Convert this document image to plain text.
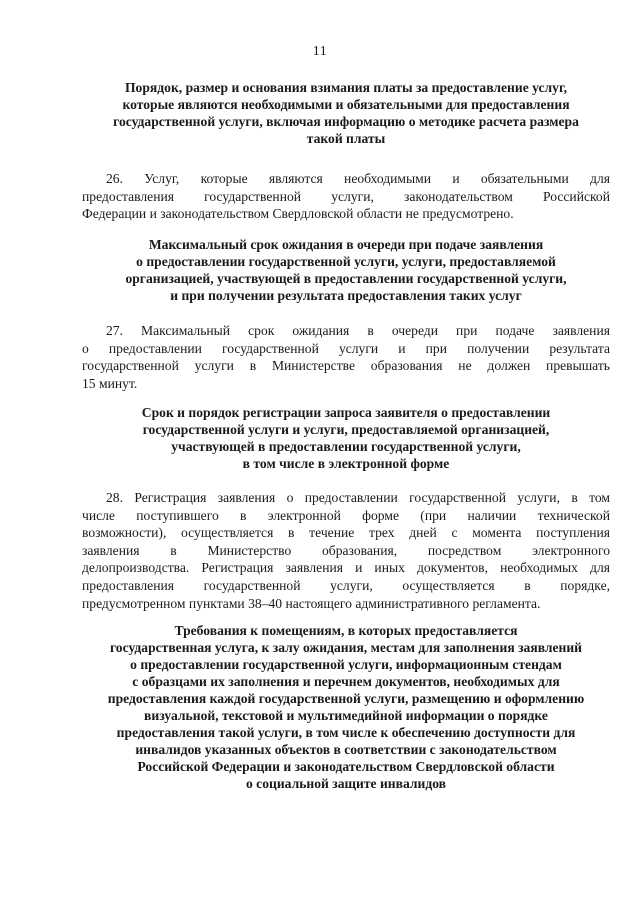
11
Порядок, размер и основания взимания платы за предоставление услуг,
которые являются необходимыми и обязательными для предоставления
государственной услуги, включая информацию о методике расчета размера
такой платы
26. Услуг, которые являются необходимыми и обязательными для
предоставления государственной услуги, законодательством Российской
Федерации и законодательством Свердловской области не предусмотрено.
Максимальный срок ожидания в очереди при подаче заявления
о предоставлении государственной услуги, услуги, предоставляемой
организацией, участвующей в предоставлении государственной услуги,
и при получении результата предоставления таких услуг
27. Максимальный срок ожидания в очереди при подаче заявления
о предоставлении государственной услуги и при получении результата
государственной услуги в Министерстве образования не должен превышать
15 минут.
Срок и порядок регистрации запроса заявителя о предоставлении
государственной услуги и услуги, предоставляемой организацией,
участвующей в предоставлении государственной услуги,
в том числе в электронной форме
28. Регистрация заявления о предоставлении государственной услуги, в том
числе поступившего в электронной форме (при наличии технической
возможности), осуществляется в течение трех дней с момента поступления
заявления в Министерство образования, посредством электронного
делопроизводства. Регистрация заявления и иных документов, необходимых для
предоставления государственной услуги, осуществляется в порядке,
предусмотренном пунктами 38–40 настоящего административного регламента.
Требования к помещениям, в которых предоставляется
государственная услуга, к залу ожидания, местам для заполнения заявлений
о предоставлении государственной услуги, информационным стендам
с образцами их заполнения и перечнем документов, необходимых для
предоставления каждой государственной услуги, размещению и оформлению
визуальной, текстовой и мультимедийной информации о порядке
предоставления такой услуги, в том числе к обеспечению доступности для
инвалидов указанных объектов в соответствии с законодательством
Российской Федерации и законодательством Свердловской области
о социальной защите инвалидов
